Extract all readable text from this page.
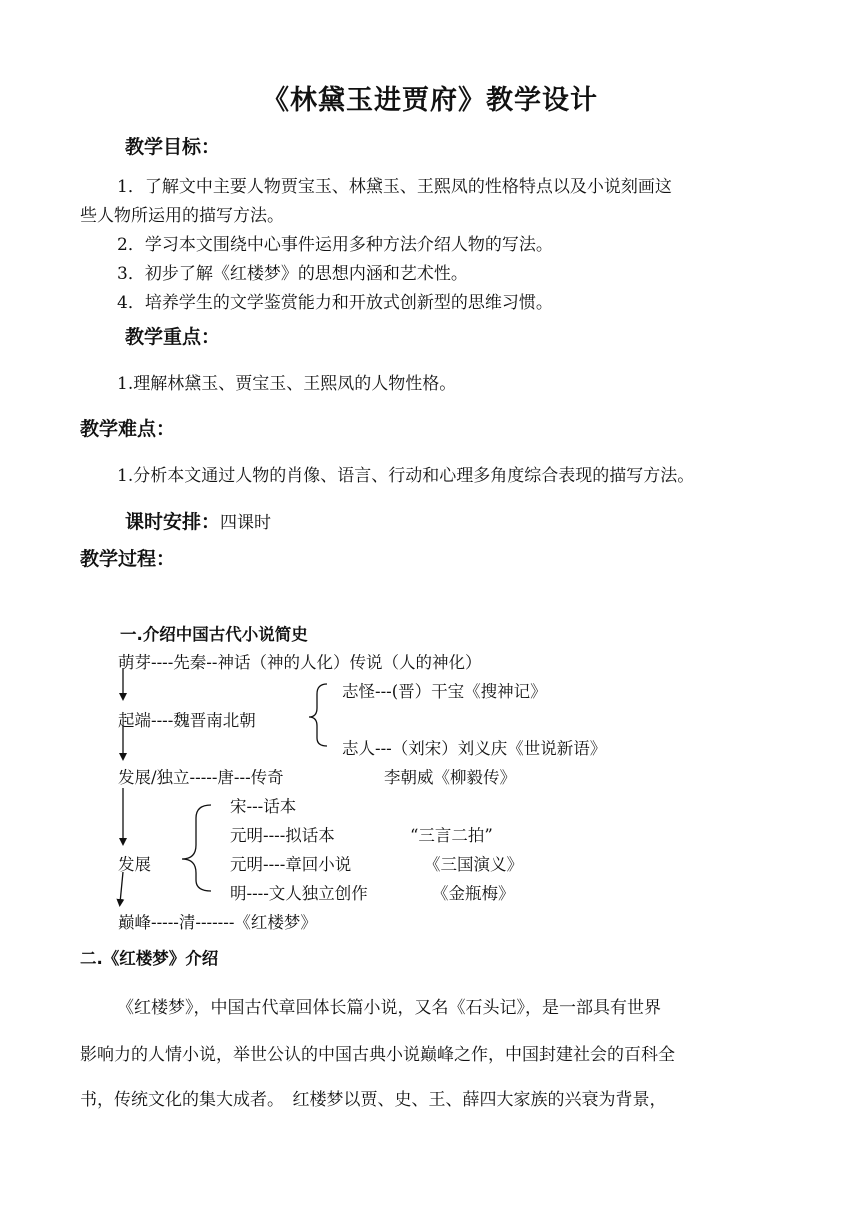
《林黛玉进贾府》教学设计
教学目标：
1．了解文中主要人物贾宝玉、林黛玉、王熙凤的性格特点以及小说刻画这
些人物所运用的描写方法。
2．学习本文围绕中心事件运用多种方法介绍人物的写法。
3．初步了解《红楼梦》的思想内涵和艺术性。
4．培养学生的文学鉴赏能力和开放式创新型的思维习惯。
教学重点：
1.理解林黛玉、贾宝玉、王熙凤的人物性格。
教学难点：
1.分析本文通过人物的肖像、语言、行动和心理多角度综合表现的描写方法。
课时安排：四课时
教学过程：
一.介绍中国古代小说简史
萌芽----先秦--神话（神的人化）传说（人的神化）
志怪---(晋）干宝《搜神记》
起端----魏晋南北朝
志人---（刘宋）刘义庆《世说新语》
发展/独立-----唐---传奇	李朝威《柳毅传》
宋---话本
元明----拟话本	“三言二拍”
发展	元明----章回小说	《三国演义》
明----文人独立创作	《金瓶梅》
巅峰-----清-------《红楼梦》
二.《红楼梦》介绍
《红楼梦》，中国古代章回体长篇小说，又名《石头记》，是一部具有世界
影响力的人情小说，举世公认的中国古典小说巅峰之作，中国封建社会的百科全
书，传统文化的集大成者。　红楼梦以贾、史、王、薛四大家族的兴衰为背景，
